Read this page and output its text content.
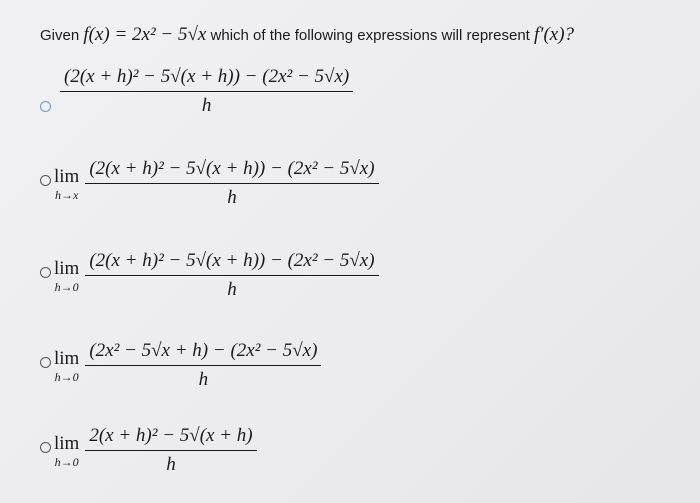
Given f(x) = 2x² − 5√x which of the following expressions will represent f′(x)?
$\frac{\text{(2(x + h)² − 5√(x + h)) − (2x² − 5√x)}}{h}$
lim
$h\to x \frac{\text{(2(x + h)² − 5√(x + h)) − (2x² − 5√x)}}{h}$
lim
$h\to 0 \frac{\text{(2(x + h)² − 5√(x + h)) − (2x² − 5√x)}}{h}$
lim
$h\to 0 \frac{\text{(2x² − 5√x + h) − (2x² − 5√x)}}{h}$
lim
$h\to 0 \frac{\text{2(x + h)² − 5√(x + h)}}{h}$
